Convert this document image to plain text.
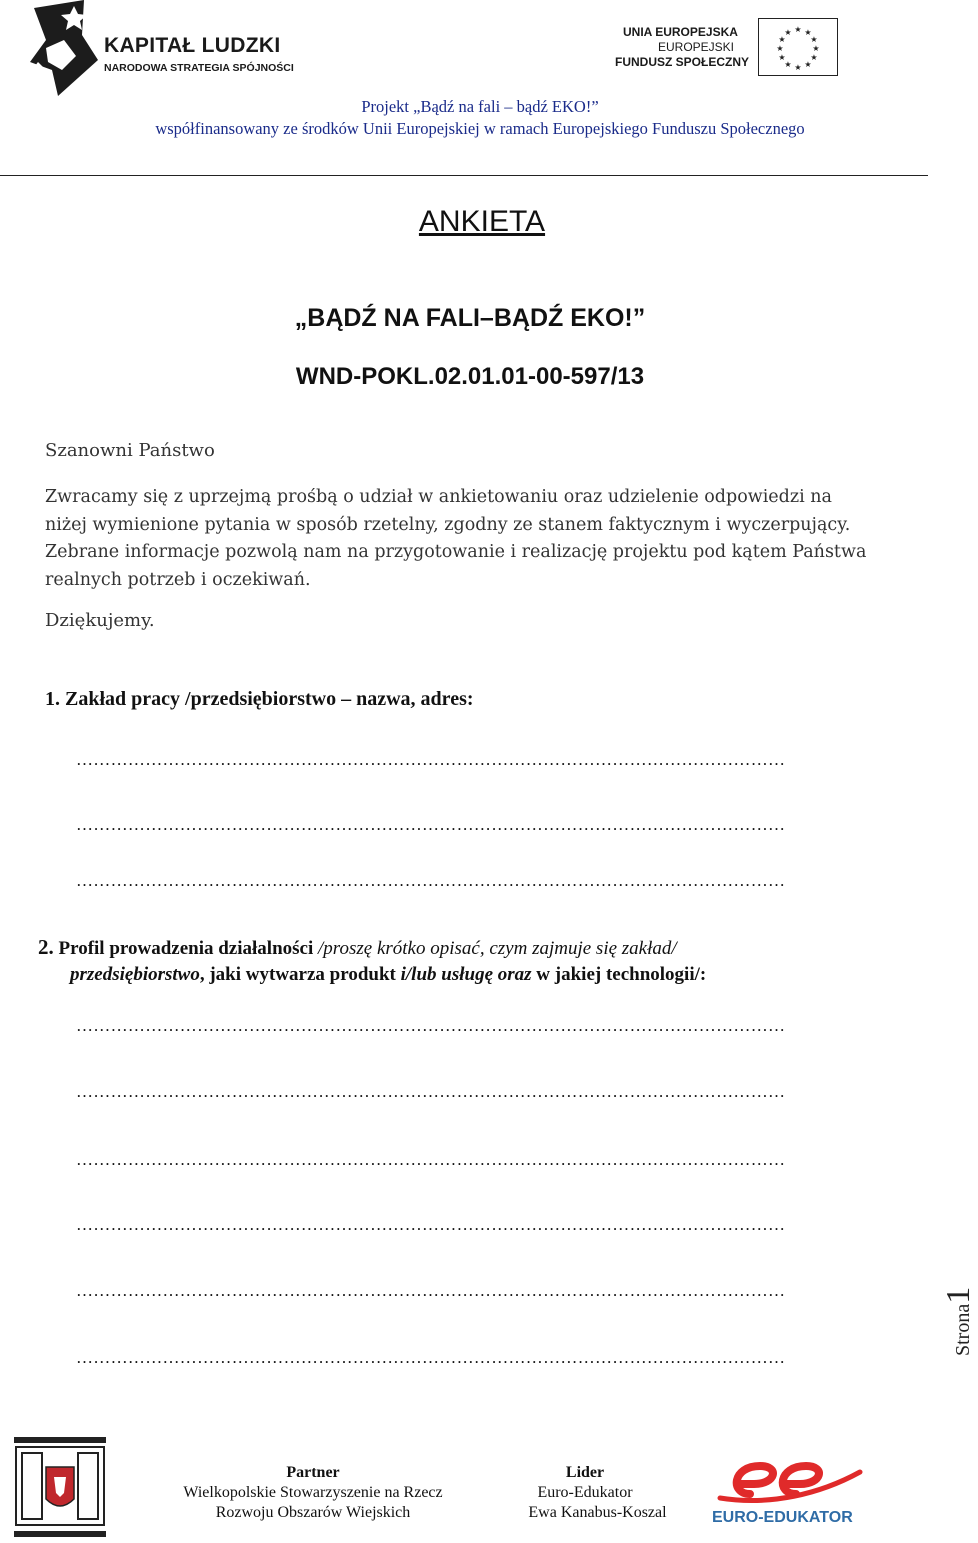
KAPITAŁ LUDZKI
NARODOWA STRATEGIA SPÓJNOŚCI
UNIA EUROPEJSKA
EUROPEJSKI
FUNDUSZ SPOŁECZNY
★ ★
★
★
★
★
★
★
★
★
★
★
Projekt „Bądź na fali – bądź EKO!”
współfinansowany ze środków Unii Europejskiej w ramach Europejskiego Funduszu Społecznego
ANKIETA
„BĄDŹ NA FALI–BĄDŹ EKO!”
WND-POKL.02.01.01-00-597/13
Szanowni Państwo
Zwracamy się z uprzejmą prośbą o udział w ankietowaniu oraz udzielenie odpowiedzi na
niżej wymienione pytania w sposób rzetelny, zgodny ze stanem faktycznym i wyczerpujący.
Zebrane informacje pozwolą nam na przygotowanie i realizację projektu pod kątem Państwa
realnych potrzeb i oczekiwań.
Dziękujemy.
1. Zakład pracy /przedsiębiorstwo – nazwa, adres:
……………………………………………………………………………………………………………
……………………………………………………………………………………………………………
……………………………………………………………………………………………………………
2. Profil prowadzenia działalności /proszę krótko opisać, czym zajmuje się zakład/
przedsiębiorstwo, jaki wytwarza produkt i/lub usługę oraz w jakiej technologii/:
……………………………………………………………………………………………………………
……………………………………………………………………………………………………………
……………………………………………………………………………………………………………
……………………………………………………………………………………………………………
……………………………………………………………………………………………………………
……………………………………………………………………………………………………………
Strona1
Partner
Wielkopolskie Stowarzyszenie na Rzecz
Rozwoju Obszarów Wiejskich
Lider
Euro-Edukator
Ewa Kanabus-Koszal	EURO-EDUKATOR
